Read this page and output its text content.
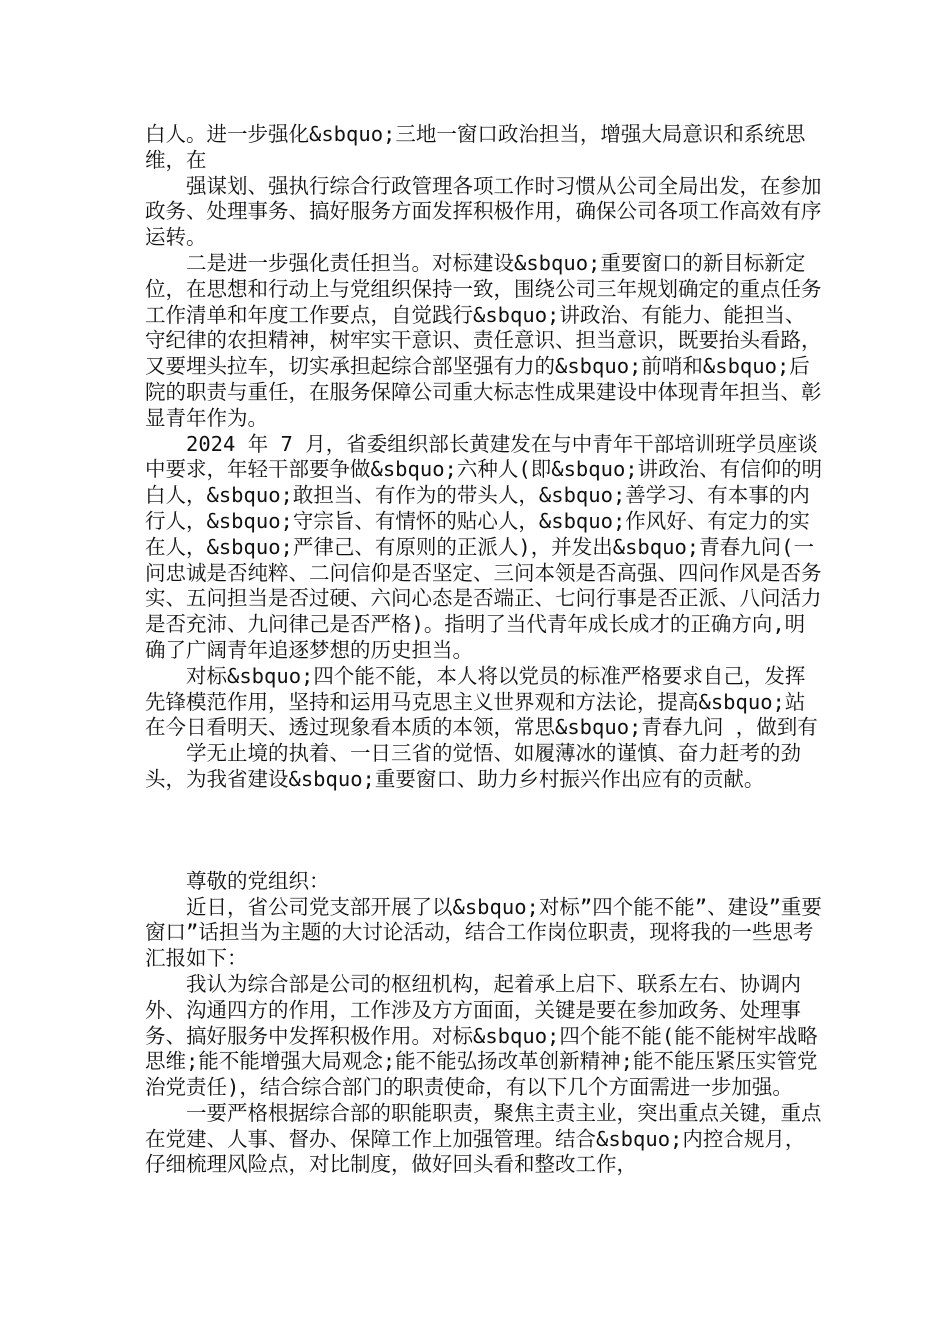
白人。进一步强化&sbquo;三地一窗口政治担当，增强大局意识和系统思维，在

　　强谋划、强执行综合行政管理各项工作时习惯从公司全局出发，在参加政务、处理事务、搞好服务方面发挥积极作用，确保公司各项工作高效有序运转。

　　二是进一步强化责任担当。对标建设&sbquo;重要窗口的新目标新定位，在思想和行动上与党组织保持一致，围绕公司三年规划确定的重点任务工作清单和年度工作要点，自觉践行&sbquo;讲政治、有能力、能担当、守纪律的农担精神，树牢实干意识、责任意识、担当意识，既要抬头看路，又要埋头拉车，切实承担起综合部坚强有力的&sbquo;前哨和&sbquo;后院的职责与重任，在服务保障公司重大标志性成果建设中体现青年担当、彰显青年作为。

　　2024 年 7 月，省委组织部长黄建发在与中青年干部培训班学员座谈中要求，年轻干部要争做&sbquo;六种人(即&sbquo;讲政治、有信仰的明白人，&sbquo;敢担当、有作为的带头人，&sbquo;善学习、有本事的内行人，&sbquo;守宗旨、有情怀的贴心人，&sbquo;作风好、有定力的实在人，&sbquo;严律己、有原则的正派人)，并发出&sbquo;青春九问(一问忠诚是否纯粹、二问信仰是否坚定、三问本领是否高强、四问作风是否务实、五问担当是否过硬、六问心态是否端正、七问行事是否正派、八问活力是否充沛、九问律己是否严格)。指明了当代青年成长成才的正确方向,明确了广阔青年追逐梦想的历史担当。

　　对标&sbquo;四个能不能，本人将以党员的标准严格要求自己，发挥先锋模范作用，坚持和运用马克思主义世界观和方法论，提高&sbquo;站在今日看明天、透过现象看本质的本领，常思&sbquo;青春九问 ，做到有

　　学无止境的执着、一日三省的觉悟、如履薄冰的谨慎、奋力赶考的劲头，为我省建设&sbquo;重要窗口、助力乡村振兴作出应有的贡献。

　　尊敬的党组织：

　　近日，省公司党支部开展了以&sbquo;对标”四个能不能”、建设”重要窗口”话担当为主题的大讨论活动，结合工作岗位职责，现将我的一些思考汇报如下：

　　我认为综合部是公司的枢纽机构，起着承上启下、联系左右、协调内外、沟通四方的作用，工作涉及方方面面，关键是要在参加政务、处理事务、搞好服务中发挥积极作用。对标&sbquo;四个能不能(能不能树牢战略思维;能不能增强大局观念;能不能弘扬改革创新精神;能不能压紧压实管党治党责任)，结合综合部门的职责使命，有以下几个方面需进一步加强。

　　一要严格根据综合部的职能职责，聚焦主责主业，突出重点关键，重点在党建、人事、督办、保障工作上加强管理。结合&sbquo;内控合规月，仔细梳理风险点，对比制度，做好回头看和整改工作，
